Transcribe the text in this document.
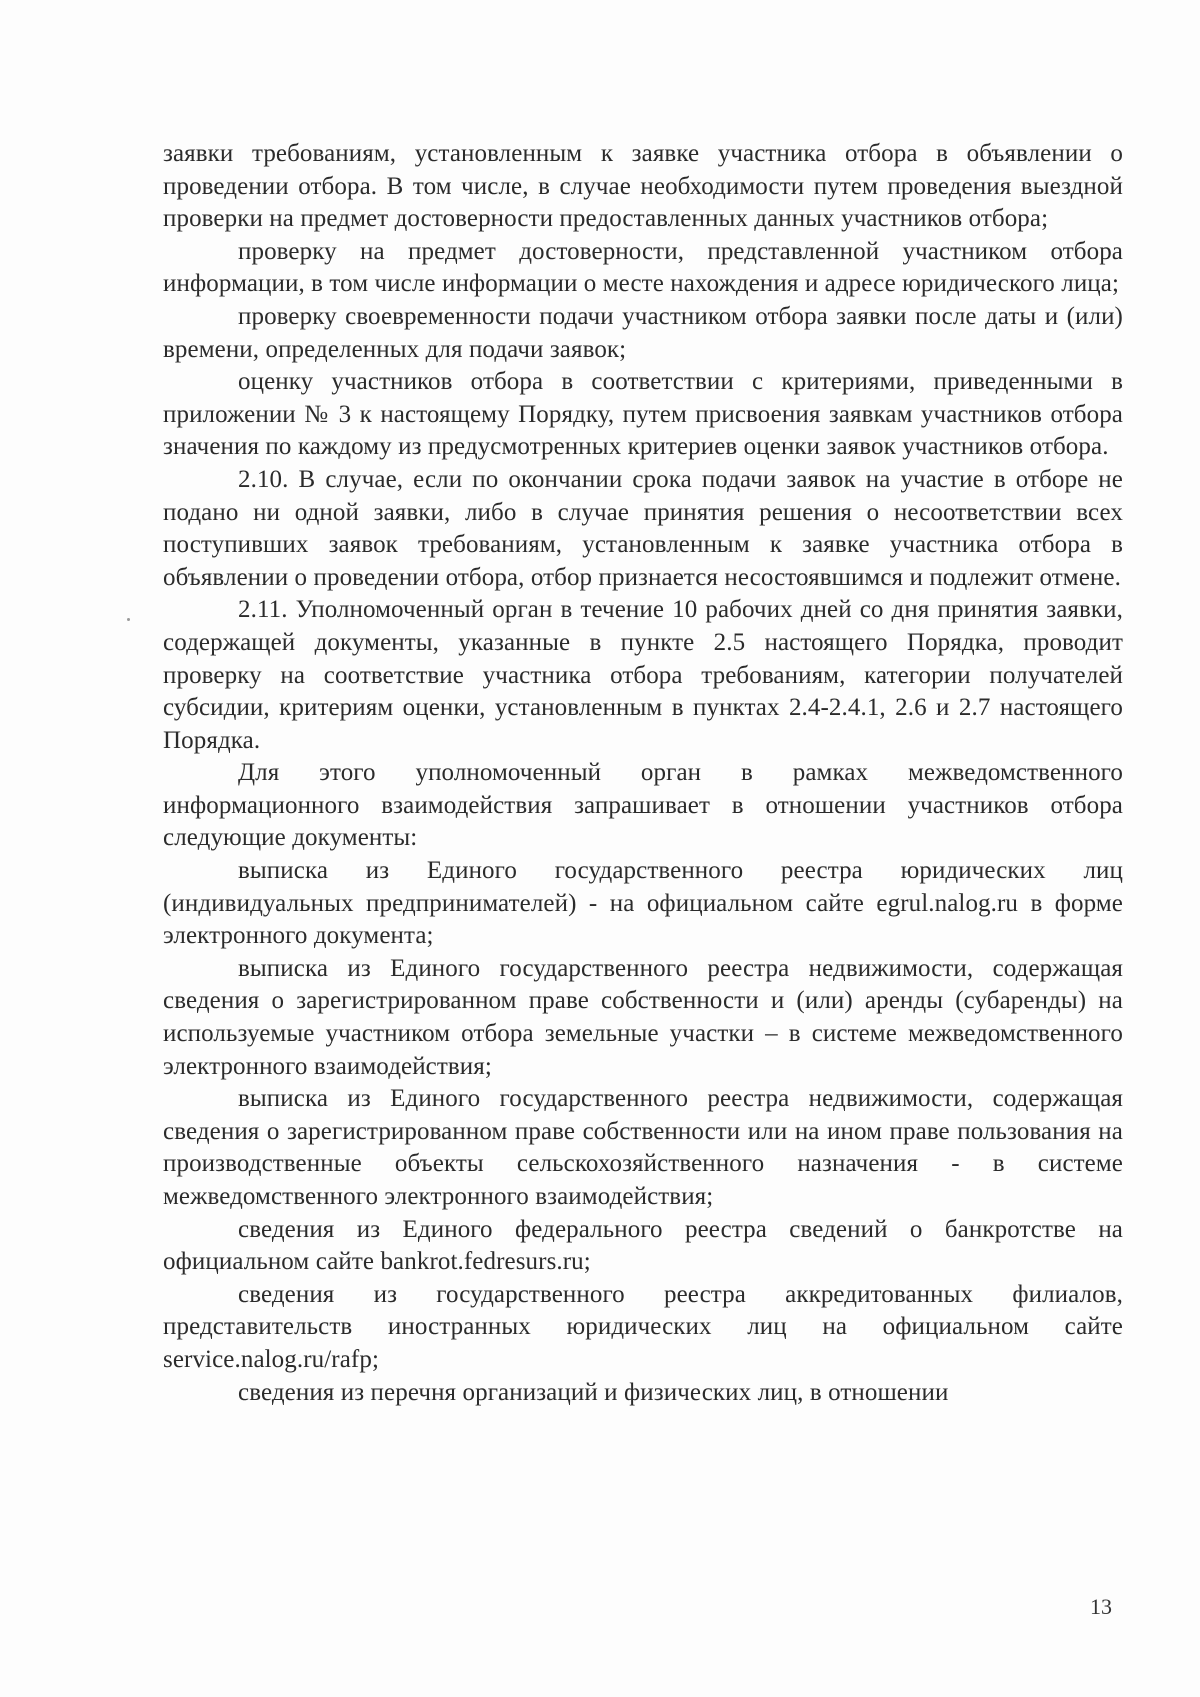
заявки требованиям, установленным к заявке участника отбора в объявлении о проведении отбора. В том числе, в случае необходимости путем проведения выездной проверки на предмет достоверности предоставленных данных участников отбора;

проверку на предмет достоверности, представленной участником отбора информации, в том числе информации о месте нахождения и адресе юридического лица;

проверку своевременности подачи участником отбора заявки после даты и (или) времени, определенных для подачи заявок;

оценку участников отбора в соответствии с критериями, приведенными в приложении № 3 к настоящему Порядку, путем присвоения заявкам участников отбора значения по каждому из предусмотренных критериев оценки заявок участников отбора.

2.10. В случае, если по окончании срока подачи заявок на участие в отборе не подано ни одной заявки, либо в случае принятия решения о несоответствии всех поступивших заявок требованиям, установленным к заявке участника отбора в объявлении о проведении отбора, отбор признается несостоявшимся и подлежит отмене.

2.11. Уполномоченный орган в течение 10 рабочих дней со дня принятия заявки, содержащей документы, указанные в пункте 2.5 настоящего Порядка, проводит проверку на соответствие участника отбора требованиям, категории получателей субсидии, критериям оценки, установленным в пунктах 2.4-2.4.1, 2.6 и 2.7 настоящего Порядка.

Для этого уполномоченный орган в рамках межведомственного информационного взаимодействия запрашивает в отношении участников отбора следующие документы:

выписка из Единого государственного реестра юридических лиц (индивидуальных предпринимателей) - на официальном сайте egrul.nalog.ru в форме электронного документа;

выписка из Единого государственного реестра недвижимости, содержащая сведения о зарегистрированном праве собственности и (или) аренды (субаренды) на используемые участником отбора земельные участки – в системе межведомственного электронного взаимодействия;

выписка из Единого государственного реестра недвижимости, содержащая сведения о зарегистрированном праве собственности или на ином праве пользования на производственные объекты сельскохозяйственного назначения - в системе межведомственного электронного взаимодействия;

сведения из Единого федерального реестра сведений о банкротстве на официальном сайте bankrot.fedresurs.ru;

сведения из государственного реестра аккредитованных филиалов, представительств иностранных юридических лиц на официальном сайте service.nalog.ru/rafp;

сведения из перечня организаций и физических лиц, в отношении

13
